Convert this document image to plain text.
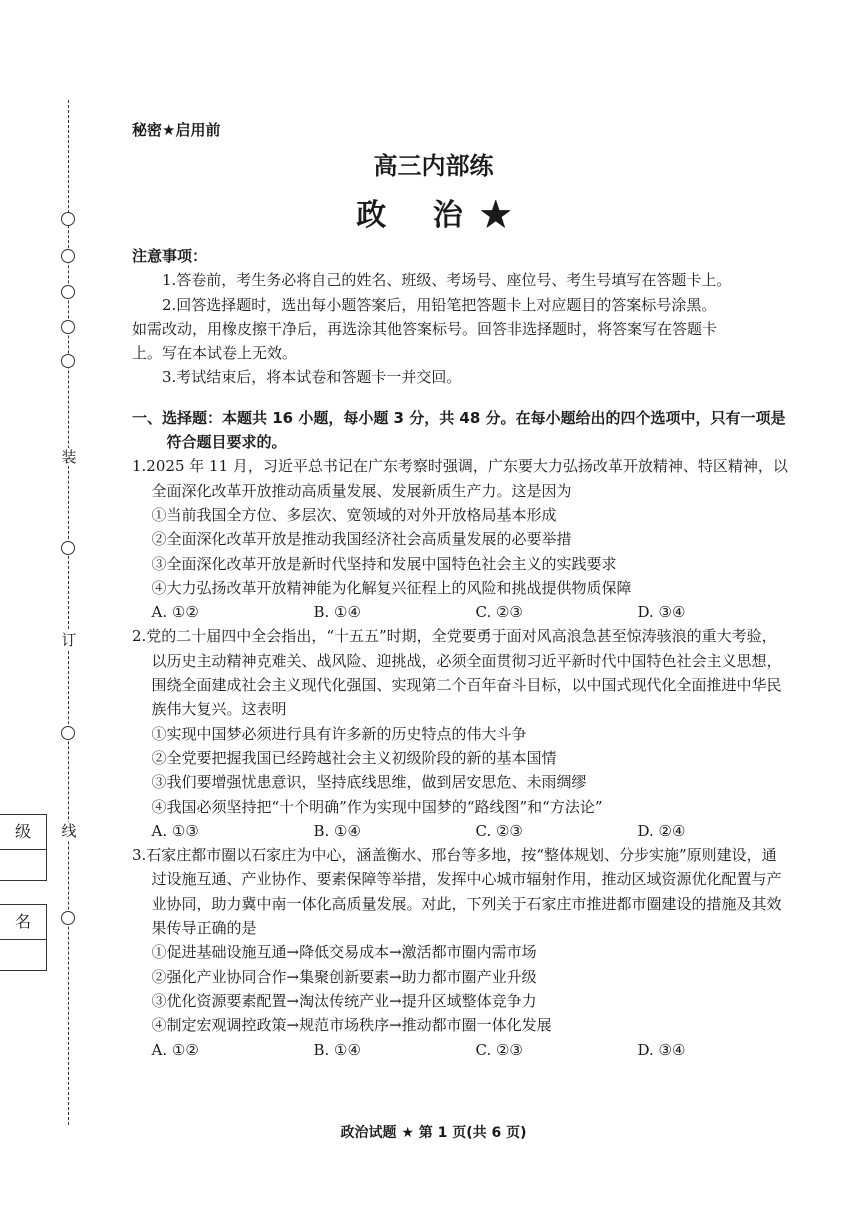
装
订
线
级
名
秘密★启用前
高三内部练
政 治★
注意事项：

1.答卷前，考生务必将自己的姓名、班级、考场号、座位号、考生号填写在答题卡上。

2.回答选择题时，选出每小题答案后，用铅笔把答题卡上对应题目的答案标号涂黑。

如需改动，用橡皮擦干净后，再选涂其他答案标号。回答非选择题时，将答案写在答题卡

上。写在本试卷上无效。

3.考试结束后，将本试卷和答题卡一并交回。

一、选择题：本题共 16 小题，每小题 3 分，共 48 分。在每小题给出的四个选项中，只有一项是符合题目要求的。
1.2025 年 11 月，习近平总书记在广东考察时强调，广东要大力弘扬改革开放精神、特区精神，以全面深化改革开放推动高质量发展、发展新质生产力。这是因为
①当前我国全方位、多层次、宽领域的对外开放格局基本形成
②全面深化改革开放是推动我国经济社会高质量发展的必要举措
③全面深化改革开放是新时代坚持和发展中国特色社会主义的实践要求
④大力弘扬改革开放精神能为化解复兴征程上的风险和挑战提供物质保障
A. ①②	B. ①④	C. ②③	D. ③④
2.党的二十届四中全会指出，“十五五”时期，全党要勇于面对风高浪急甚至惊涛骇浪的重大考验，以历史主动精神克难关、战风险、迎挑战，必须全面贯彻习近平新时代中国特色社会主义思想，围绕全面建成社会主义现代化强国、实现第二个百年奋斗目标，以中国式现代化全面推进中华民族伟大复兴。这表明
①实现中国梦必须进行具有许多新的历史特点的伟大斗争
②全党要把握我国已经跨越社会主义初级阶段的新的基本国情
③我们要增强忧患意识，坚持底线思维，做到居安思危、未雨绸缪
④我国必须坚持把“十个明确”作为实现中国梦的“路线图”和“方法论”
A. ①③	B. ①④	C. ②③	D. ②④
3.石家庄都市圈以石家庄为中心，涵盖衡水、邢台等多地，按“整体规划、分步实施”原则建设，通过设施互通、产业协作、要素保障等举措，发挥中心城市辐射作用，推动区域资源优化配置与产业协同，助力冀中南一体化高质量发展。对此，下列关于石家庄市推进都市圈建设的措施及其效果传导正确的是
①促进基础设施互通→降低交易成本→激活都市圈内需市场
②强化产业协同合作→集聚创新要素→助力都市圈产业升级
③优化资源要素配置→淘汰传统产业→提升区域整体竞争力
④制定宏观调控政策→规范市场秩序→推动都市圈一体化发展
A. ①②	B. ①④	C. ②③	D. ③④
政治试题 ★ 第 1 页(共 6 页)
